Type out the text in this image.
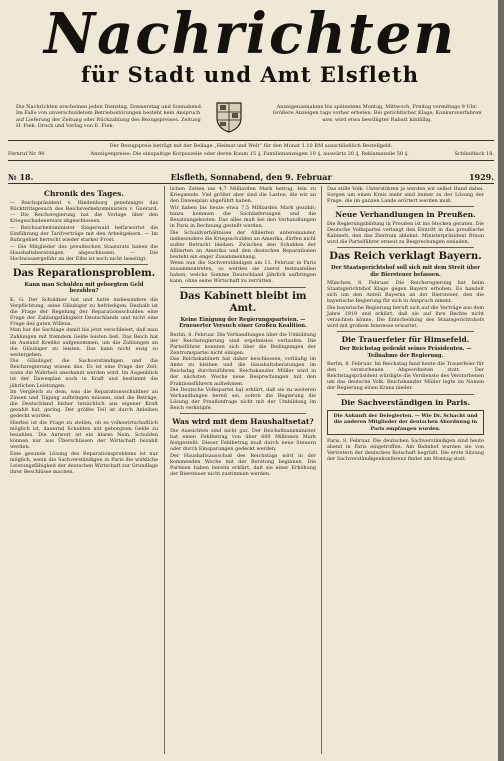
Nachrichten
für Stadt und Amt Elsfleth
Die Nachrichten erscheinen jeden Dienstag, Donnerstag und Sonnabend. Im Falle von unverschuldetem Betriebsstörungen besteht kein Anspruch auf Lieferung der Zeitung oder Rückzahlung des Bezugspreises. Zeitung H. Fiek. Druck und Verlag von E. Fiek.
Anzeigenannahme bis spätestens Montag, Mittwoch, Freitag vormittags 9 Uhr. Größere Anzeigen tags vorher erbeten. Bei gerichtlicher Klage, Konkursverfahren usw. wird etwa bewilligter Rabatt hinfällig.
Der Bezugspreis beträgt mit der Beilage „Heimat und Welt“ für den Monat 1.10 RM ausschließlich Bestellgeld.
Fernruf Nr. 90	Anzeigenpreise: Die einspaltige Korpuszeile oder deren Raum 15 ₰, Familienanzeigen 10 ₰, auswärts 20 ₰, Reklamezeile 50 ₰.	Schließfach 18.
№ 18.	Elsfleth, Sonnabend, den 9. Februar	1929.
Chronik des Tages.

— Reichspräsident v. Hindenburg genehmigte das Rücktrittsgesuch des Reichsverkehrsministers v. Guérard. — Die Reichsregierung hat die Vorlage über den Kriegsschadenersatz abgeschlossen.

— Reichsarbeitsminister Stegerwald befürwortet die Einführung der Tarifverträge mit den Arbeitgebern. — Im Ruhrgebiet herrscht wieder starker Frost.

— Die Mitglieder des preußischen Staatsrats haben die Haushaltsberatungen abgeschlossen. — Die Hochwassergefahr an der Elbe ist noch nicht beseitigt.

Das Reparationsproblem.
Kann man Schulden mit geborgtem Geld bezahlen?

K. G. Der Schuldner hat und hatte insbesondere die Verpflichtung, seine Gläubiger zu befriedigen. Deshalb ist die Frage der Regelung der Reparationsschulden eine Frage der Zahlungsfähigkeit Deutschlands und nicht eine Frage des guten Willens.

Man hat die Sachlage damit bis jetzt verschleiert, daß man Zahlungen mit fremdem Gelde leisten ließ. Das Reich hat im Ausland Kredite aufgenommen, um die Zahlungen an die Gläubiger zu leisten. Das kann nicht ewig so weitergehen.

Die Gläubiger, die Sachverständigen und die Reichsregierung wissen das. Es ist eine Frage der Zeit, wann die Wahrheit anerkannt werden wird. Im Augenblick ist der Dawesplan noch in Kraft und bestimmt die jährlichen Leistungen.

Im Vergleich zu dem, was die Reparationsschuldner an Zinsen und Tilgung aufbringen müssen, sind die Beträge, die Deutschland bisher tatsächlich aus eigener Kraft gezahlt hat, gering. Der größte Teil ist durch Anleihen gedeckt worden.

Hierbei ist die Frage zu stellen, ob es volkswirtschaftlich möglich ist, dauernd Schulden mit geborgtem Gelde zu bezahlen. Die Antwort ist ein klares Nein. Schulden können nur aus Überschüssen der Wirtschaft bezahlt werden.

Eine gesunde Lösung des Reparationsproblems ist nur möglich, wenn die Sachverständigen in Paris die wirkliche Leistungsfähigkeit der deutschen Wirtschaft zur Grundlage ihrer Beschlüsse machen.

lichen Zeiten nie 4,7 Milliarden Mark betrug, fein zu Kriegsende. Viel größer aber sind die Lasten, die wir an den Dawesplan abgeführt haben.

Wir haben bis heute etwa 7,5 Milliarden Mark gezahlt; hinzu kommen die Sachlieferungen und die Besatzungskosten. Das alles muß bei den Verhandlungen in Paris in Rechnung gestellt werden.

Die Schuldverhältnisse der Alliierten untereinander, insbesondere die Kriegsschulden an Amerika, dürfen nicht außer Betracht bleiben. Zwischen den Schulden der Alliierten an Amerika und den deutschen Reparationen besteht ein enger Zusammenhang.

Wenn nun die Sachverständigen am 11. Februar in Paris zusammentreten, so werden sie zuerst festzustellen haben, welche Summe Deutschland jährlich aufbringen kann, ohne seine Wirtschaft zu zerrütten.

Das Kabinett bleibt im Amt.
Keine Einigung der Regierungsparteien. — Erneuerter Versuch einer Großen Koalition.

Berlin, 8. Februar. Die Verhandlungen über die Umbildung der Reichsregierung sind ergebnislos verlaufen. Die Parteiführer konnten sich über die Bedingungen der Zentrumspartei nicht einigen.

Das Reichskabinett hat daher beschlossen, vorläufig im Amte zu bleiben und die Haushaltsberatungen im Reichstag durchzuführen. Reichskanzler Müller wird in der nächsten Woche neue Besprechungen mit den Fraktionsführern aufnehmen.

Die Deutsche Volkspartei hat erklärt, daß sie zu weiteren Verhandlungen bereit sei, sofern die Regierung die Lösung der Preußenfrage nicht mit der Umbildung im Reich verknüpfe.

Was wird mit dem Haushaltsetat?

Die Aussichten sind nicht gut. Der Reichsfinanzminister hat einen Fehlbetrag von über 600 Millionen Mark festgestellt. Dieser Fehlbetrag muß durch neue Steuern oder durch Einsparungen gedeckt werden.

Der Haushaltsausschuß des Reichstags wird in der kommenden Woche mit der Beratung beginnen. Die Parteien haben bereits erklärt, daß sie einer Erhöhung der Biersteuer nicht zustimmen werden.

Das stille Volk. Unterstützen ja werden wir selbst Hand dabei. Sorgen um einen Kreis mehr sind immer zu der Lösung der Frage, die im ganzen Lande erörtert werden muß.

Neue Verhandlungen in Preußen.

Die Regierungsbildung in Preußen ist ins Stocken geraten. Die Deutsche Volkspartei verlangt den Eintritt in das preußische Kabinett, den das Zentrum ablehnt. Ministerpräsident Braun wird die Parteiführer erneut zu Besprechungen einladen.

Das Reich verklagt Bayern.
Der Staatsgerichtshof soll sich mit dem Streit über die Biersteuer befassen.

München, 8. Februar. Die Reichsregierung hat beim Staatsgerichtshof Klage gegen Bayern erhoben. Es handelt sich um den Anteil Bayerns an der Biersteuer, den die bayerische Regierung für sich in Anspruch nimmt.

Die bayerische Regierung beruft sich auf die Verträge aus dem Jahre 1919 und erklärt, daß sie auf ihre Rechte nicht verzichten könne. Die Entscheidung des Staatsgerichtshofs wird mit großem Interesse erwartet.

Die Trauerfeier für Himsefeld.
Der Reichstag gedenkt seines Präsidenten. — Teilnahme der Regierung.

Berlin, 8. Februar. Im Reichstag fand heute die Trauerfeier für den verstorbenen Abgeordneten statt. Der Reichstagspräsident würdigte die Verdienste des Verstorbenen um das deutsche Volk. Reichskanzler Müller legte im Namen der Regierung einen Kranz nieder.

Die Sachverständigen in Paris.
Die Ankunft der Delegierten. — Wie Dr. Schacht und die anderen Mitglieder der deutschen Abordnung in Paris empfangen wurden.

Paris, 8. Februar. Die deutschen Sachverständigen sind heute abend in Paris eingetroffen. Am Bahnhof wurden sie von Vertretern der deutschen Botschaft begrüßt. Die erste Sitzung der Sachverständigenkonferenz findet am Montag statt.
